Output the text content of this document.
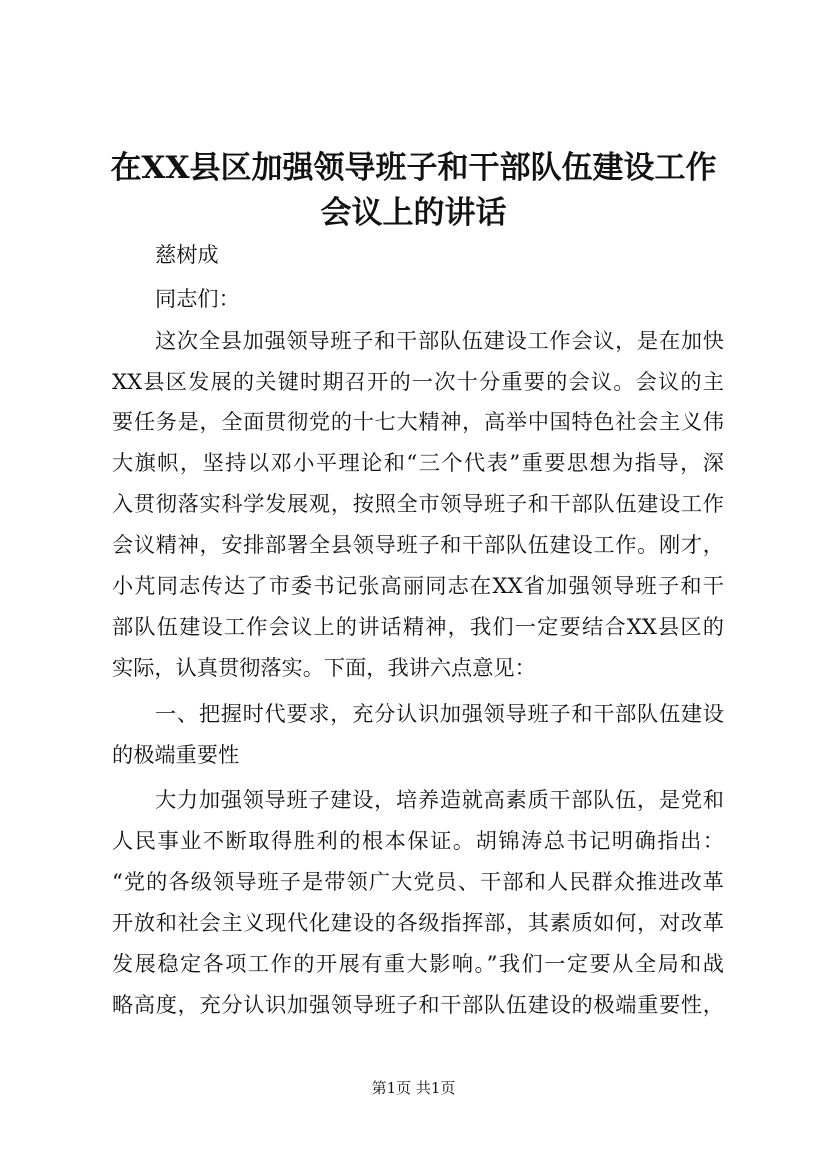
在XX县区加强领导班子和干部队伍建设工作
会议上的讲话
慈树成
同志们：
这次全县加强领导班子和干部队伍建设工作会议，是在加快
XX县区发展的关键时期召开的一次十分重要的会议。会议的主
要任务是，全面贯彻党的十七大精神，高举中国特色社会主义伟
大旗帜，坚持以邓小平理论和“三个代表”重要思想为指导，深
入贯彻落实科学发展观，按照全市领导班子和干部队伍建设工作
会议精神，安排部署全县领导班子和干部队伍建设工作。刚才，
小芃同志传达了市委书记张高丽同志在XX省加强领导班子和干
部队伍建设工作会议上的讲话精神，我们一定要结合XX县区的
实际，认真贯彻落实。下面，我讲六点意见：
一、把握时代要求，充分认识加强领导班子和干部队伍建设
的极端重要性
大力加强领导班子建设，培养造就高素质干部队伍，是党和
人民事业不断取得胜利的根本保证。胡锦涛总书记明确指出：
“党的各级领导班子是带领广大党员、干部和人民群众推进改革
开放和社会主义现代化建设的各级指挥部，其素质如何，对改革
发展稳定各项工作的开展有重大影响。”我们一定要从全局和战
略高度，充分认识加强领导班子和干部队伍建设的极端重要性，
第1页 共1页
